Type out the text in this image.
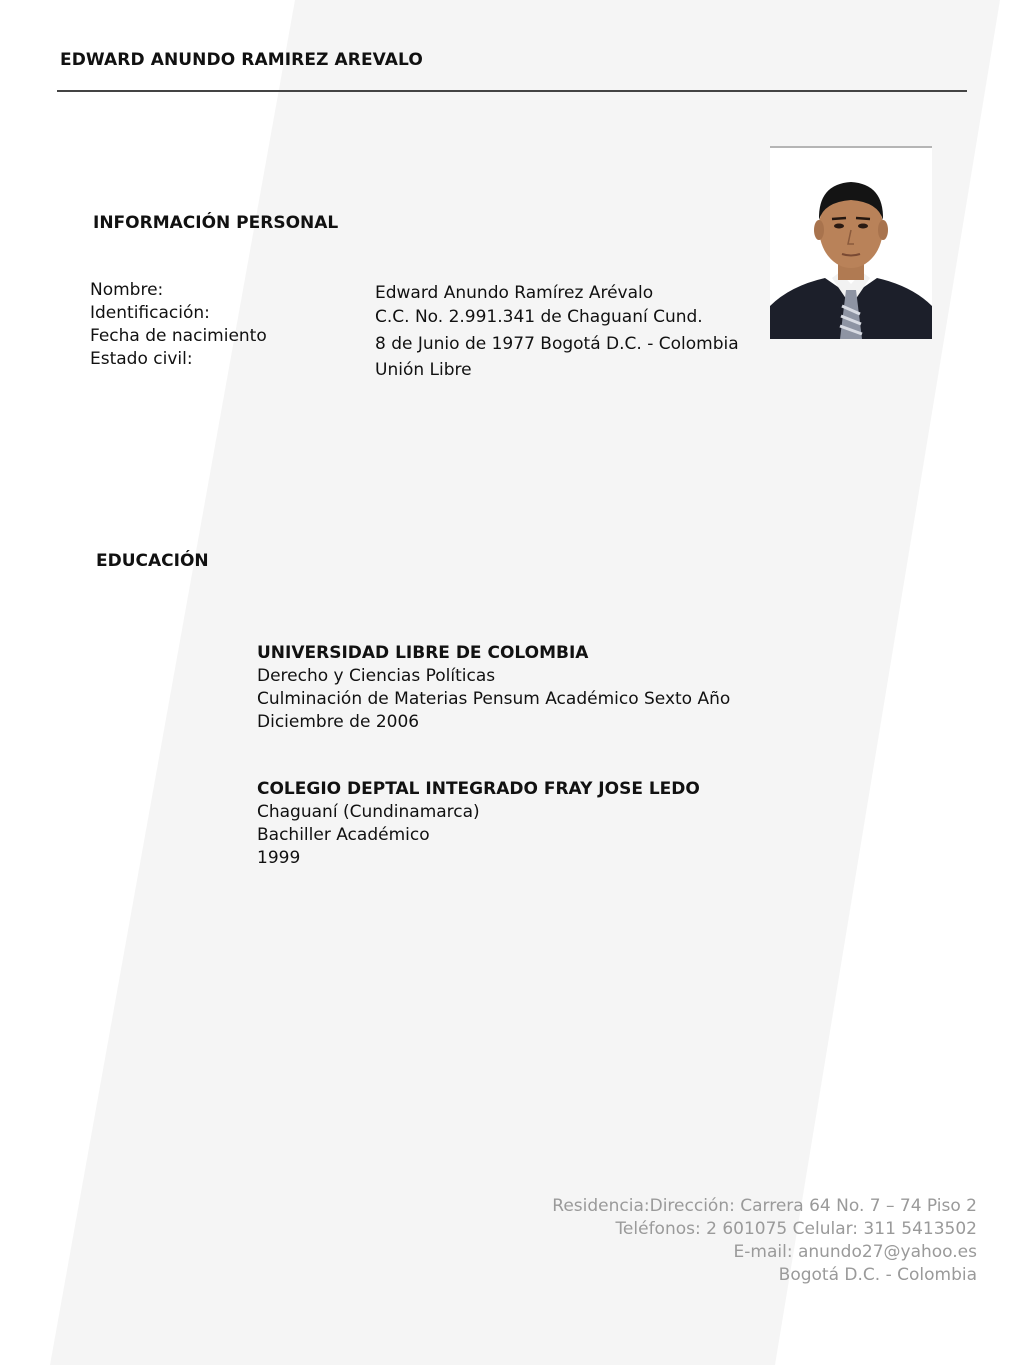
EDWARD ANUNDO RAMIREZ AREVALO
INFORMACIÓN PERSONAL

Nombre:

Identificación:

Fecha de nacimiento

Estado civil:

Edward Anundo Ramírez Arévalo
C.C. No. 2.991.341 de Chaguaní Cund.
8 de Junio de 1977 Bogotá D.C. - Colombia
Unión Libre
EDUCACIÓN
UNIVERSIDAD LIBRE DE COLOMBIA
Derecho y Ciencias Políticas
Culminación de Materias Pensum Académico Sexto Año
Diciembre de 2006
COLEGIO DEPTAL INTEGRADO FRAY JOSE LEDO
Chaguaní (Cundinamarca)
Bachiller Académico
1999
Residencia:Dirección: Carrera 64 No. 7 – 74 Piso 2
Teléfonos: 2 601075 Celular: 311 5413502
E-mail: anundo27@yahoo.es
Bogotá D.C. - Colombia
